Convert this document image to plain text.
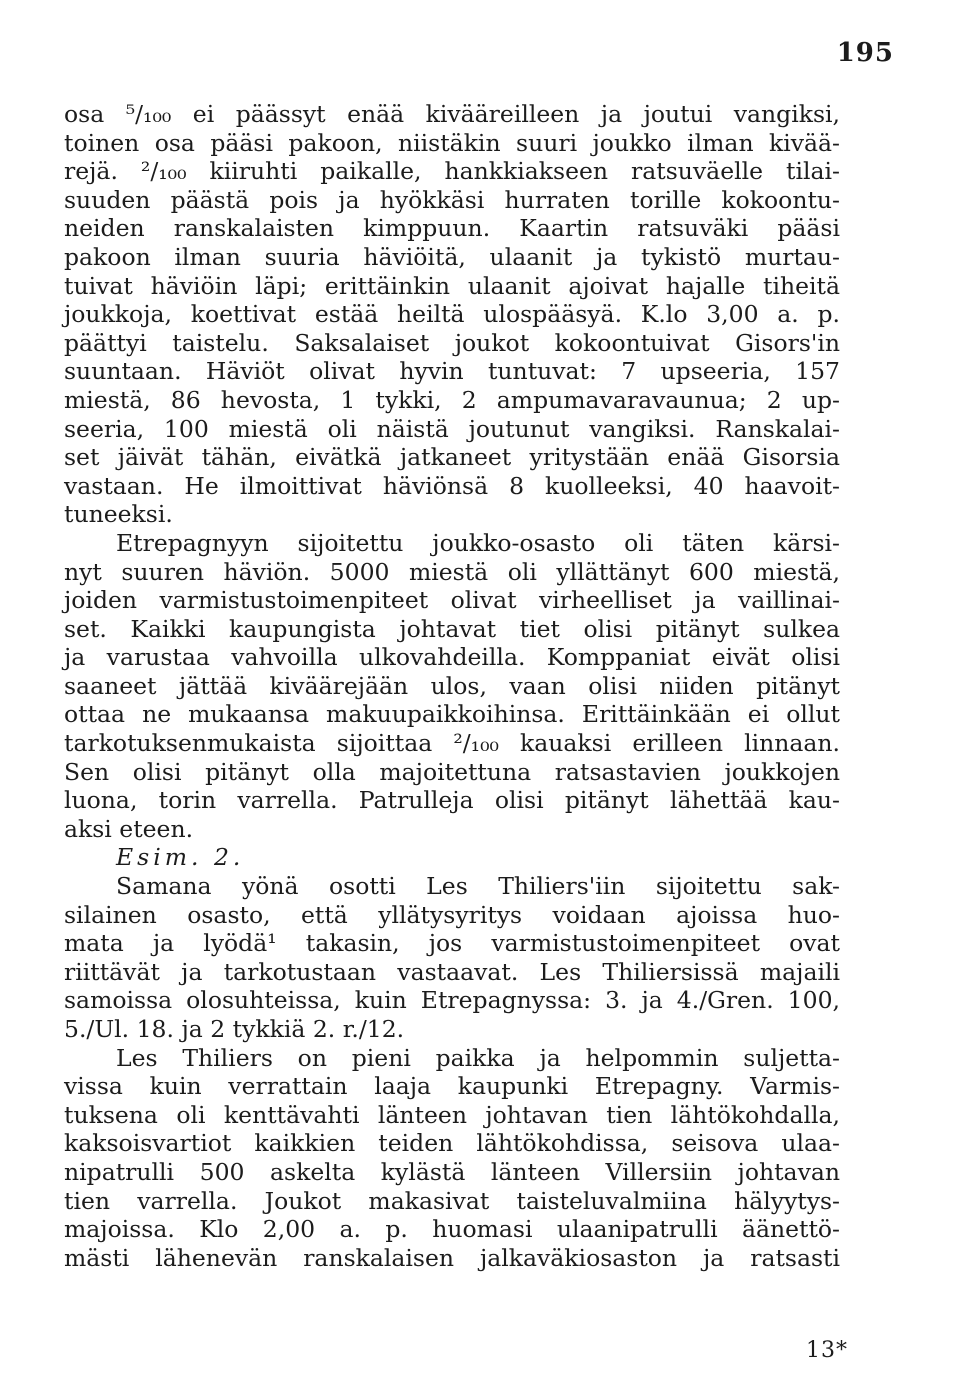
195
osa ⁵/₁₀₀ ei päässyt enää kivääreilleen ja joutui vangiksi,
toinen osa pääsi pakoon, niistäkin suuri joukko ilman kivää-
rejä. ²/₁₀₀ kiiruhti paikalle, hankkiakseen ratsuväelle tilai-
suuden päästä pois ja hyökkäsi hurraten torille kokoontu-
neiden ranskalaisten kimppuun. Kaartin ratsuväki pääsi
pakoon ilman suuria häviöitä, ulaanit ja tykistö murtau-
tuivat häviöin läpi; erittäinkin ulaanit ajoivat hajalle tiheitä
joukkoja, koettivat estää heiltä ulospääsyä. K.lo 3,00 a. p.
päättyi taistelu. Saksalaiset joukot kokoontuivat Gisors'in
suuntaan. Häviöt olivat hyvin tuntuvat: 7 upseeria, 157
miestä, 86 hevosta, 1 tykki, 2 ampumavaravaunua; 2 up-
seeria, 100 miestä oli näistä joutunut vangiksi. Ranskalai-
set jäivät tähän, eivätkä jatkaneet yritystään enää Gisorsia
vastaan. He ilmoittivat häviönsä 8 kuolleeksi, 40 haavoit-
tuneeksi.
Etrepagnyyn sijoitettu joukko-osasto oli täten kärsi-
nyt suuren häviön. 5000 miestä oli yllättänyt 600 miestä,
joiden varmistustoimenpiteet olivat virheelliset ja vaillinai-
set. Kaikki kaupungista johtavat tiet olisi pitänyt sulkea
ja varustaa vahvoilla ulkovahdeilla. Komppaniat eivät olisi
saaneet jättää kiväärejään ulos, vaan olisi niiden pitänyt
ottaa ne mukaansa makuupaikkoihinsa. Erittäinkään ei ollut
tarkotuksenmukaista sijoittaa ²/₁₀₀ kauaksi erilleen linnaan.
Sen olisi pitänyt olla majoitettuna ratsastavien joukkojen
luona, torin varrella. Patrulleja olisi pitänyt lähettää kau-
aksi eteen.
Esim. 2.
Samana yönä osotti Les Thiliers'iin sijoitettu sak-
silainen osasto, että yllätysyritys voidaan ajoissa huo-
mata ja lyödä¹ takasin, jos varmistustoimenpiteet ovat
riittävät ja tarkotustaan vastaavat. Les Thiliersissä majaili
samoissa olosuhteissa, kuin Etrepagnyssa: 3. ja 4./Gren. 100,
5./Ul. 18. ja 2 tykkiä 2. r./12.
Les Thiliers on pieni paikka ja helpommin suljetta-
vissa kuin verrattain laaja kaupunki Etrepagny. Varmis-
tuksena oli kenttävahti länteen johtavan tien lähtökohdalla,
kaksoisvartiot kaikkien teiden lähtökohdissa, seisova ulaa-
nipatrulli 500 askelta kylästä länteen Villersiin johtavan
tien varrella. Joukot makasivat taisteluvalmiina hälyytys-
majoissa. Klo 2,00 a. p. huomasi ulaanipatrulli äänettö-
mästi lähenevän ranskalaisen jalkaväkiosaston ja ratsasti
13*
